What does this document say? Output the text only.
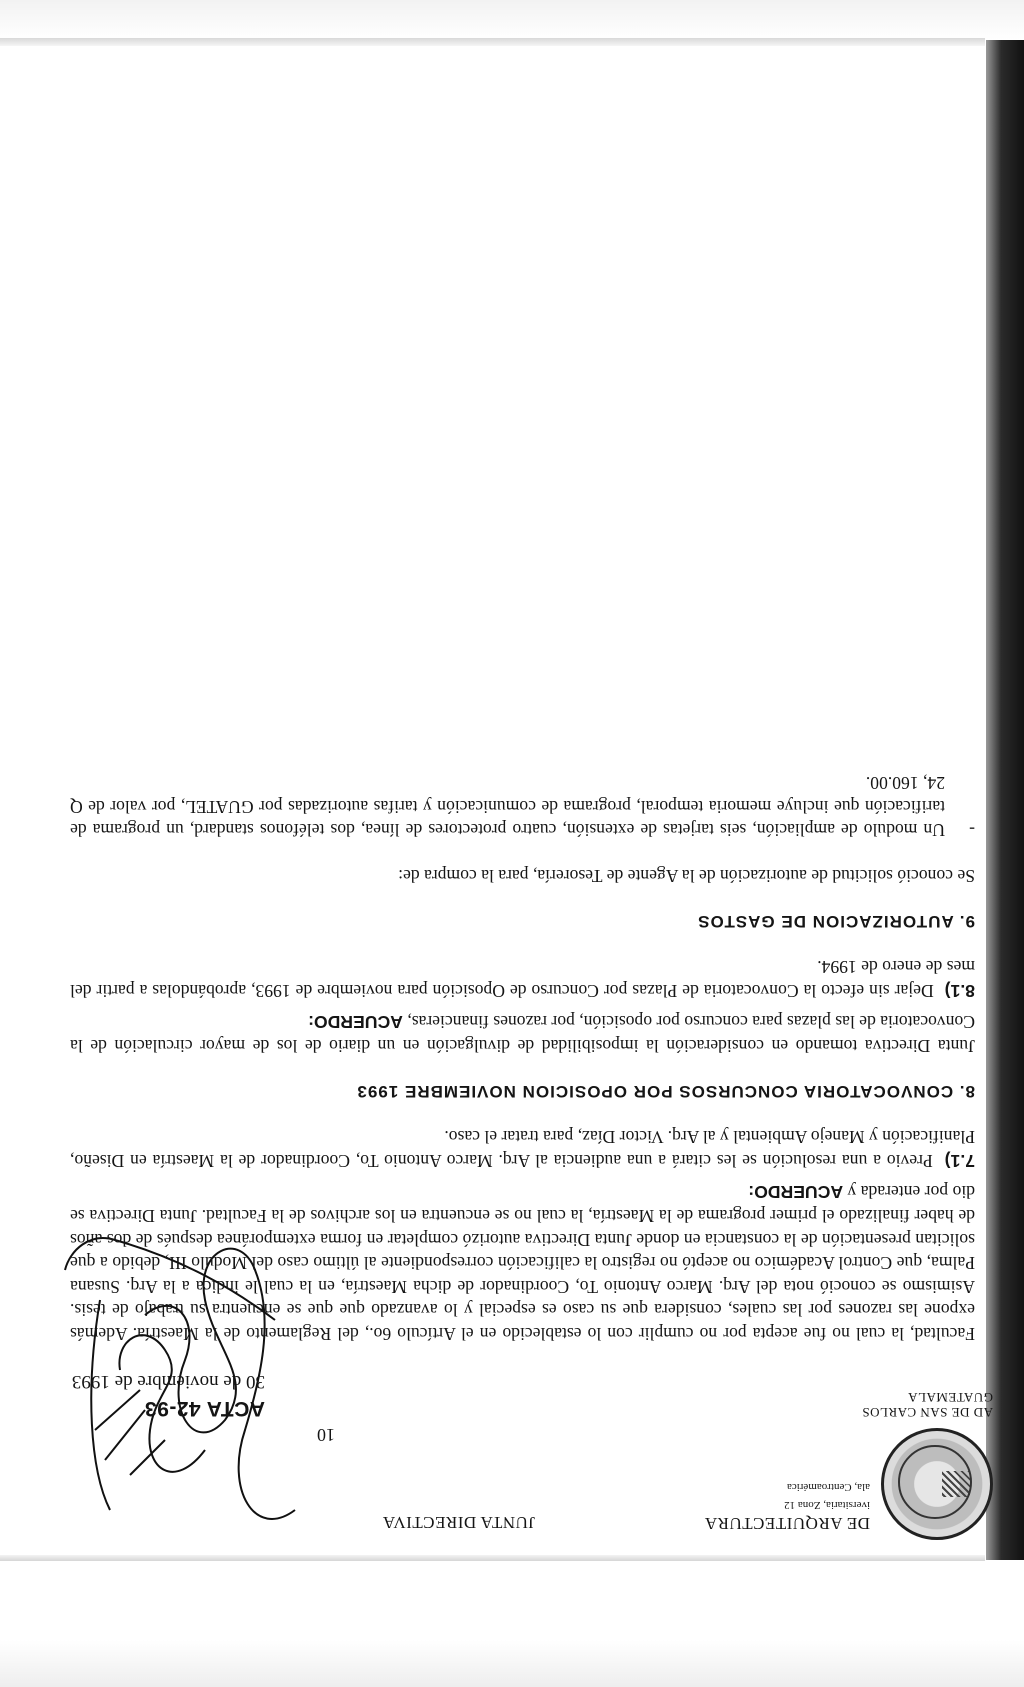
AD DE SAN CARLOS
GUATEMALA
DE ARQUITECTURA
iversitaria, Zona 12
ala, Centroamérica
JUNTA DIRECTIVA
10
ACTA 42-93
30 de noviembre de 1993

Facultad, la cual no fue acepta por no cumplir con lo establecido en el Artículo 6o., del Reglamento de la Maestría. Además expone las razones por las cuales, considera que su caso es especial y lo avanzado que que se encuentra su trabajo de tesis. Asimismo se conoció nota del Arq. Marco Antonio To, Coordinador de dicha Maestría, en la cual le indica a la Arq. Susana Palma, que Control Académico no aceptó no registro la calificación correspondiente al último caso del Modulo III, debido a que solicitan presentación de la constancia en donde Junta Directiva autorizó completar en forma extemporánea después de dos años de haber finalizado el primer programa de la Maestría, la cual no se encuentra en los archivos de la Facultad. Junta Directiva se dio por enterada y ACUERDO:

7.1) Previo a una resolución se les citará a una audiencia al Arq. Marco Antonio To, Coordinador de la Maestría en Diseño, Planificación y Manejo Ambiental y al Arq. Victor Díaz, para tratar el caso.

8. CONVOCATORIA CONCURSOS POR OPOSICION NOVIEMBRE 1993

Junta Directiva tomando en consideración la imposibilidad de divulgación en un diario de los de mayor circulación de la Convocatoria de las plazas para concurso por oposición, por razones financieras, ACUERDO:

8.1) Dejar sin efecto la Convocatoria de Plazas por Concurso de Oposición para noviembre de 1993, aprobándolas a partir del mes de enero de 1994.

9. AUTORIZACION DE GASTOS

Se conoció solicitud de autorización de la Agente de Tesorería, para la compra de:

-
Un modulo de ampliación, seis tarjetas de extensión, cuatro protectores de línea, dos teléfonos standard, un programa de tarificación que incluye memoria temporal, programa de comunicación y tarifas autorizadas por GUATEL, por valor de Q 24, 160.00.
